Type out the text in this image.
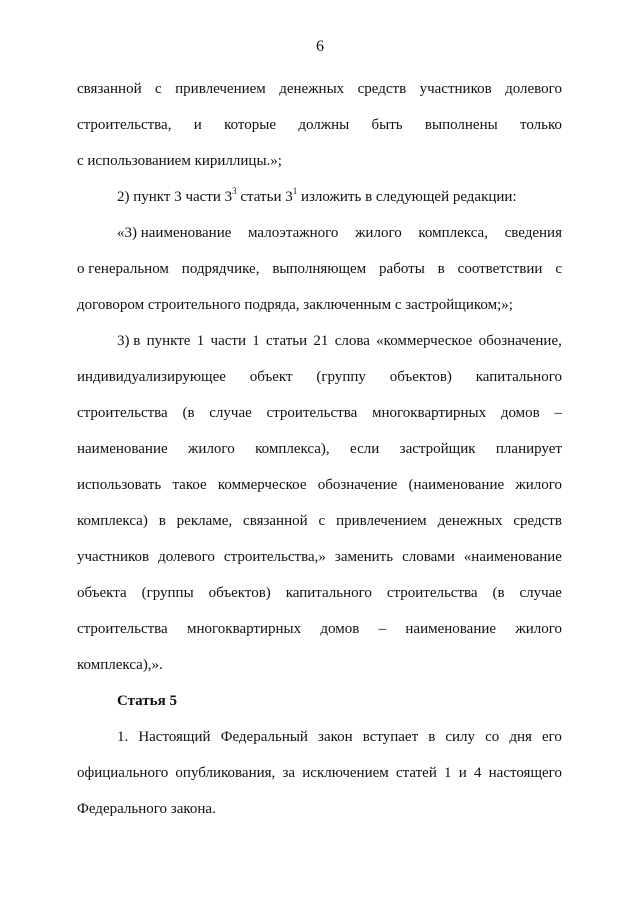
6
связанной с привлечением денежных средств участников долевого
строительства, и которые должны быть выполнены только
с использованием кириллицы.»;
2) пункт 3 части $3^3$ статьи $3^1$ изложить в следующей редакции:
«3) наименование малоэтажного жилого комплекса, сведения
о генеральном подрядчике, выполняющем работы в соответствии с
договором строительного подряда, заключенным с застройщиком;»;
3) в пункте 1 части 1 статьи 21 слова «коммерческое обозначение,
индивидуализирующее объект (группу объектов) капитального
строительства (в случае строительства многоквартирных домов –
наименование жилого комплекса), если застройщик планирует
использовать такое коммерческое обозначение (наименование жилого
комплекса) в рекламе, связанной с привлечением денежных средств
участников долевого строительства,» заменить словами «наименование
объекта (группы объектов) капитального строительства (в случае
строительства многоквартирных домов – наименование жилого
комплекса),».
Статья 5
1. Настоящий Федеральный закон вступает в силу со дня его
официального опубликования, за исключением статей 1 и 4 настоящего
Федерального закона.
